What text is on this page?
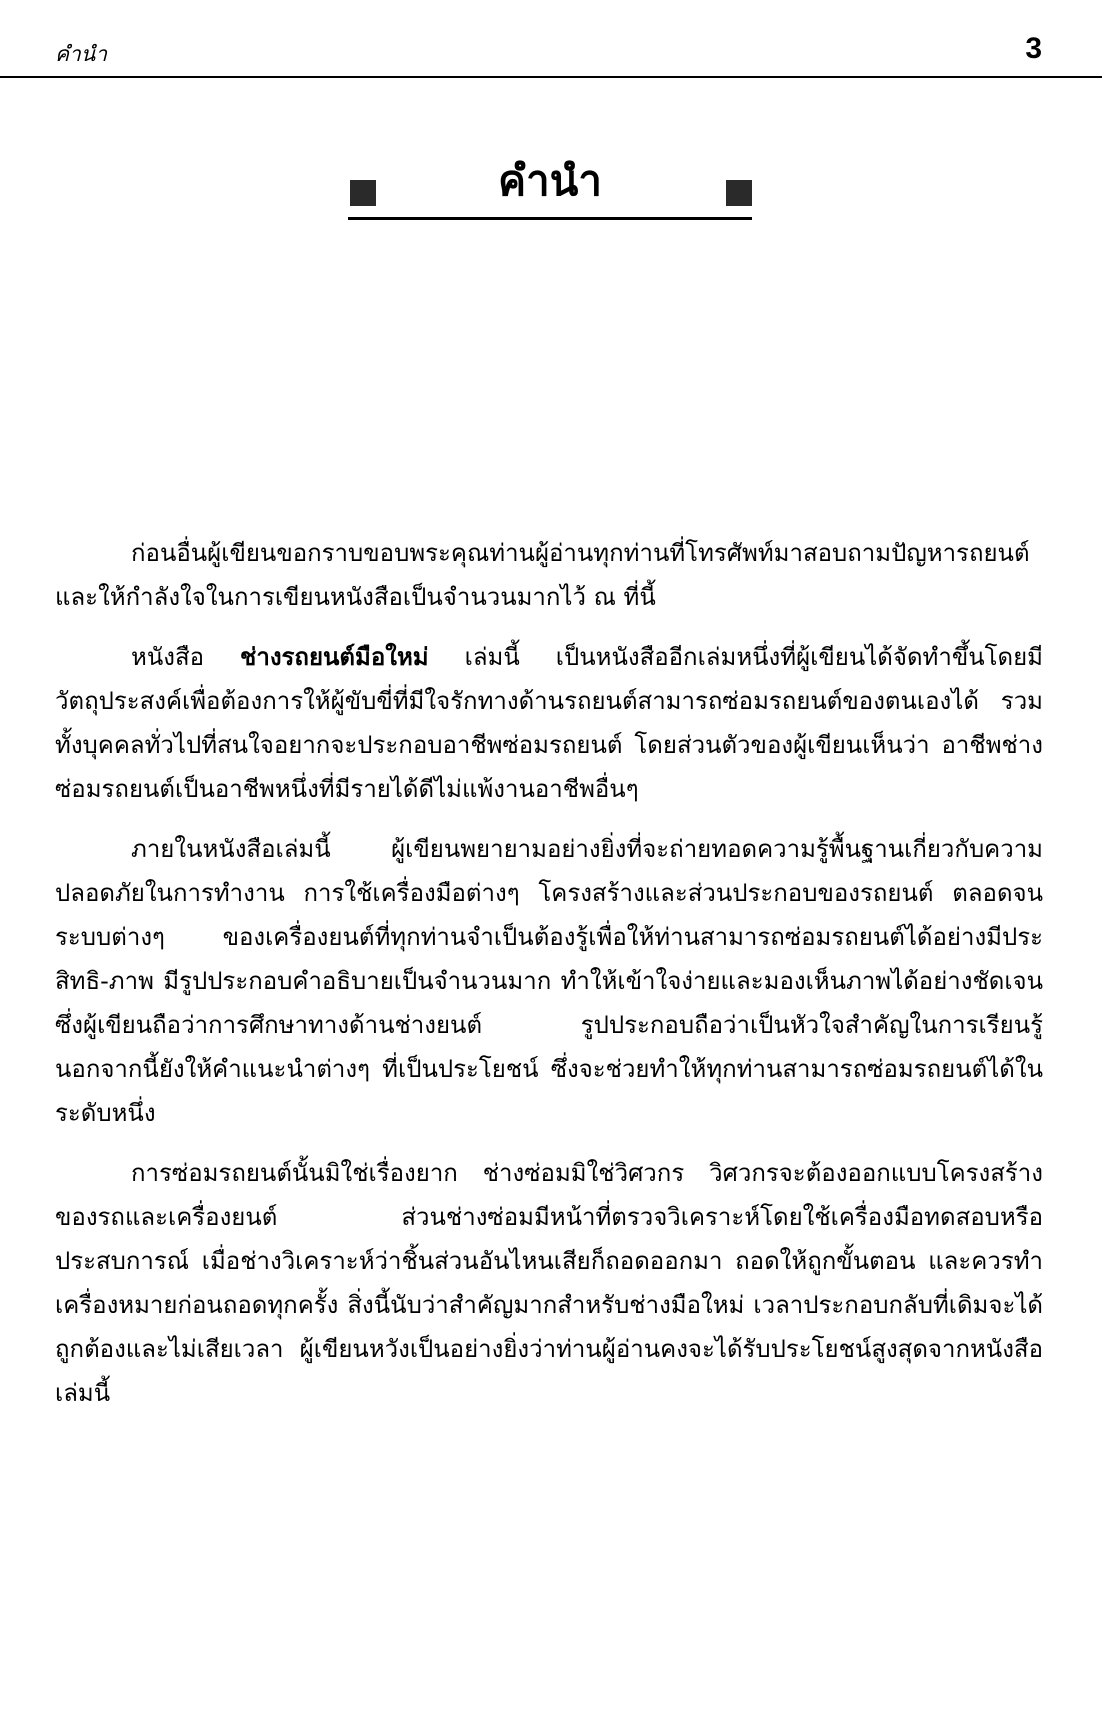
คำนำ	3
คำนำ

ก่อนอื่นผู้เขียนขอกราบขอบพระคุณท่านผู้อ่านทุกท่านที่โทรศัพท์มาสอบถามปัญหารถยนต์และให้กำลังใจในการเขียนหนังสือเป็นจำนวนมากไว้ ณ ที่นี้

หนังสือ ช่างรถยนต์มือใหม่ เล่มนี้ เป็นหนังสืออีกเล่มหนึ่งที่ผู้เขียนได้จัดทำขึ้นโดยมีวัตถุประสงค์เพื่อต้องการให้ผู้ขับขี่ที่มีใจรักทางด้านรถยนต์สามารถซ่อมรถยนต์ของตนเองได้ รวมทั้งบุคคลทั่วไปที่สนใจอยากจะประกอบอาชีพซ่อมรถยนต์ โดยส่วนตัวของผู้เขียนเห็นว่า อาชีพช่างซ่อมรถยนต์เป็นอาชีพหนึ่งที่มีรายได้ดีไม่แพ้งานอาชีพอื่นๆ

ภายในหนังสือเล่มนี้ ผู้เขียนพยายามอย่างยิ่งที่จะถ่ายทอดความรู้พื้นฐานเกี่ยวกับความปลอดภัยในการทำงาน การใช้เครื่องมือต่างๆ โครงสร้างและส่วนประกอบของรถยนต์ ตลอดจนระบบต่างๆ ของเครื่องยนต์ที่ทุกท่านจำเป็นต้องรู้เพื่อให้ท่านสามารถซ่อมรถยนต์ได้อย่างมีประสิทธิ-ภาพ มีรูปประกอบคำอธิบายเป็นจำนวนมาก ทำให้เข้าใจง่ายและมองเห็นภาพได้อย่างชัดเจน ซึ่งผู้เขียนถือว่าการศึกษาทางด้านช่างยนต์ รูปประกอบถือว่าเป็นหัวใจสำคัญในการเรียนรู้ นอกจากนี้ยังให้คำแนะนำต่างๆ ที่เป็นประโยชน์ ซึ่งจะช่วยทำให้ทุกท่านสามารถซ่อมรถยนต์ได้ในระดับหนึ่ง

การซ่อมรถยนต์นั้นมิใช่เรื่องยาก ช่างซ่อมมิใช่วิศวกร วิศวกรจะต้องออกแบบโครงสร้างของรถและเครื่องยนต์ ส่วนช่างซ่อมมีหน้าที่ตรวจวิเคราะห์โดยใช้เครื่องมือทดสอบหรือประสบการณ์ เมื่อช่างวิเคราะห์ว่าชิ้นส่วนอันไหนเสียก็ถอดออกมา ถอดให้ถูกขั้นตอน และควรทำเครื่องหมายก่อนถอดทุกครั้ง สิ่งนี้นับว่าสำคัญมากสำหรับช่างมือใหม่ เวลาประกอบกลับที่เดิมจะได้ถูกต้องและไม่เสียเวลา ผู้เขียนหวังเป็นอย่างยิ่งว่าท่านผู้อ่านคงจะได้รับประโยชน์สูงสุดจากหนังสือเล่มนี้
